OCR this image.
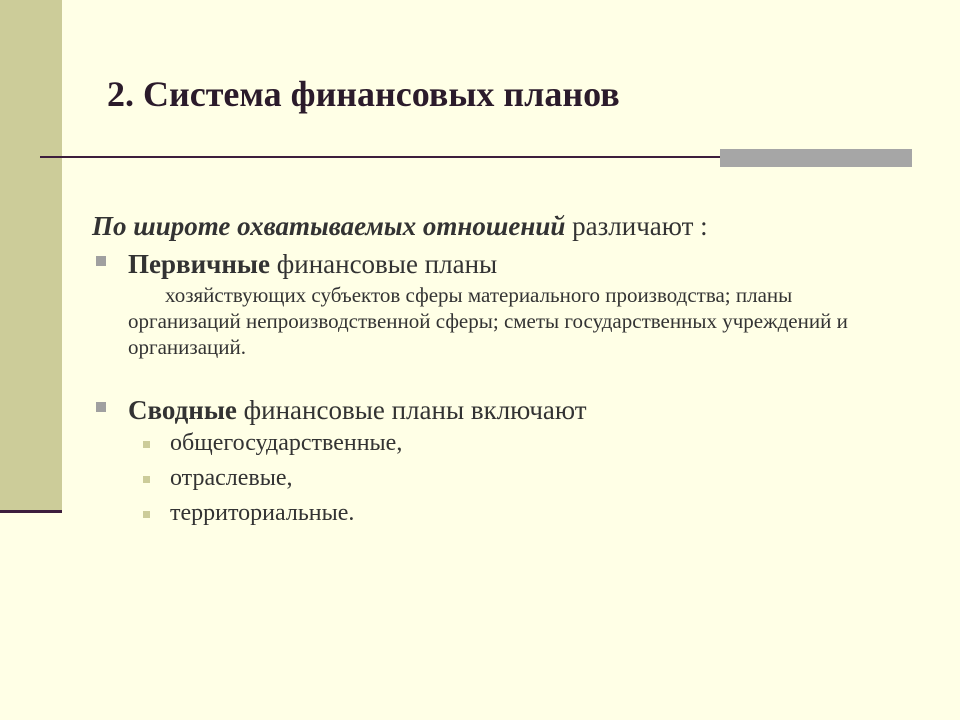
2. Система финансовых планов
По широте охватываемых отношений различают :
Первичные финансовые планы
хозяйствующих субъектов сферы материального производства; планы организаций непроизводственной сферы; сметы государственных учреждений и организаций.
Сводные финансовые планы включают
общегосударственные,
отраслевые,
территориальные.
